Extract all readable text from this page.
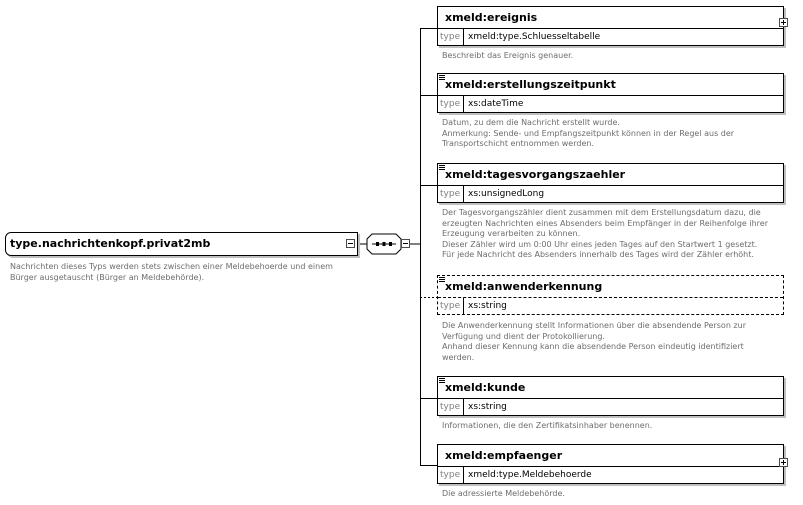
type.nachrichtenkopf.privat2mb
Nachrichten dieses Typs werden stets zwischen einer Meldebehoerde und einem
Bürger ausgetauscht (Bürger an Meldebehörde).
xmeld:ereignis
type xmeld:type.Schluesseltabelle
Beschreibt das Ereignis genauer.
xmeld:erstellungszeitpunkt
type xs:dateTime
Datum, zu dem die Nachricht erstellt wurde.
Anmerkung: Sende- und Empfangszeitpunkt können in der Regel aus der
Transportschicht entnommen werden.
xmeld:tagesvorgangszaehler
type xs:unsignedLong
Der Tagesvorgangszähler dient zusammen mit dem Erstellungsdatum dazu, die
erzeugten Nachrichten eines Absenders beim Empfänger in der Reihenfolge ihrer
Erzeugung verarbeiten zu können.
Dieser Zähler wird um 0:00 Uhr eines jeden Tages auf den Startwert 1 gesetzt.
Für jede Nachricht des Absenders innerhalb des Tages wird der Zähler erhöht.
xmeld:anwenderkennung
type xs:string
Die Anwenderkennung stellt Informationen über die absendende Person zur
Verfügung und dient der Protokollierung.
Anhand dieser Kennung kann die absendende Person eindeutig identifiziert
werden.
xmeld:kunde
type xs:string
Informationen, die den Zertifikatsinhaber benennen.
xmeld:empfaenger
type xmeld:type.Meldebehoerde
Die adressierte Meldebehörde.
